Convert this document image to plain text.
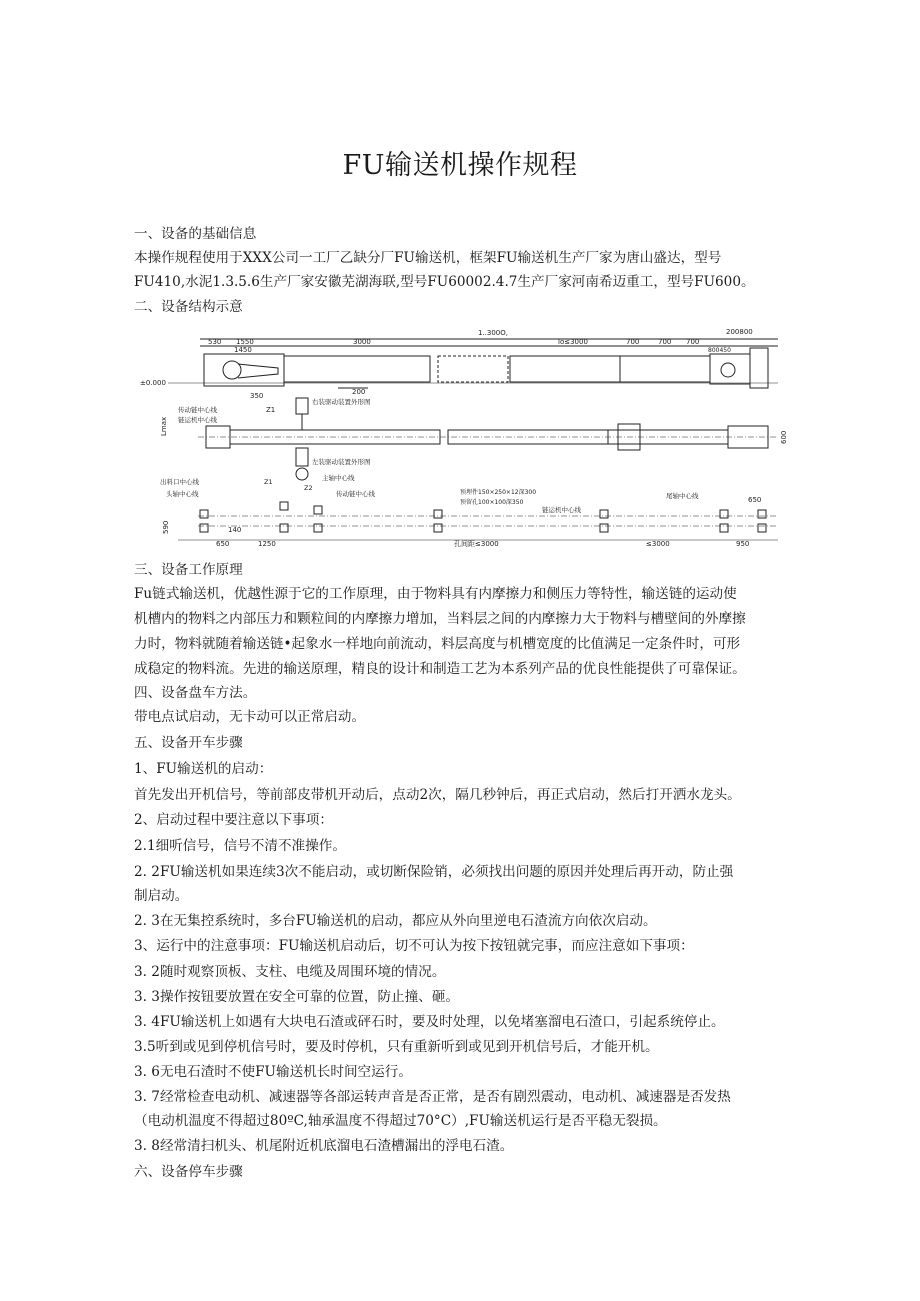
FU输送机操作规程
一、设备的基础信息
本操作规程使用于XXX公司一工厂乙缺分厂FU输送机，框架FU输送机生产厂家为唐山盛达，型号
FU410,水泥1.3.5.6生产厂家安徽芜湖海联,型号FU60002.4.7生产厂家河南希迈重工，型号FU600。
二、设备结构示意
1..300O,	200800
530 1550
1450
3000	lo≤3000	700	700 700
800450
±0.000
350	200
传动链中心线
链运机中心线
Z1
右装驱动装置外形图
Lmax
600
左装驱动装置外形图
出料口中心线	主轴中心线
头轴中心线
Z1
Z2
传动链中心线	预埋件150×250×12深300
预留孔100×100深350
链运机中心线
尾轴中心线	650
590	140
650	1250	孔间距≤3000	≤3000	950
三、设备工作原理
Fu链式输送机，优越性源于它的工作原理，由于物料具有内摩擦力和侧压力等特性，输送链的运动使
机槽内的物料之内部压力和颗粒间的内摩擦力增加，当料层之间的内摩擦力大于物料与槽壁间的外摩擦
力时，物料就随着输送链•起象水一样地向前流动，料层高度与机槽宽度的比值满足一定条件时，可形
成稳定的物料流。先进的输送原理，精良的设计和制造工艺为本系列产品的优良性能提供了可靠保证。
四、设备盘车方法。
带电点试启动，无卡动可以正常启动。
五、设备开车步骤
1、FU输送机的启动：
首先发出开机信号，等前部皮带机开动后，点动2次，隔几秒钟后，再正式启动，然后打开洒水龙头。
2、启动过程中要注意以下事项：
2.1细听信号，信号不清不准操作。
2. 2FU输送机如果连续3次不能启动，或切断保险销，必须找出问题的原因并处理后再开动，防止强
制启动。
2. 3在无集控系统时，多台FU输送机的启动，都应从外向里逆电石渣流方向依次启动。
3、运行中的注意事项：FU输送机启动后，切不可认为按下按钮就完事，而应注意如下事项：
3. 2随时观察顶板、支柱、电缆及周围环境的情况。
3. 3操作按钮要放置在安全可靠的位置，防止撞、砸。
3. 4FU输送机上如遇有大块电石渣或砰石时，要及时处理，以免堵塞溜电石渣口，引起系统停止。
3.5听到或见到停机信号时，要及时停机，只有重新听到或见到开机信号后，才能开机。
3. 6无电石渣时不使FU输送机长时间空运行。
3. 7经常检查电动机、减速器等各部运转声音是否正常，是否有剧烈震动，电动机、减速器是否发热
（电动机温度不得超过80ºC,轴承温度不得超过70°C）,FU输送机运行是否平稳无裂损。
3. 8经常清扫机头、机尾附近机底溜电石渣槽漏出的浮电石渣。
六、设备停车步骤
